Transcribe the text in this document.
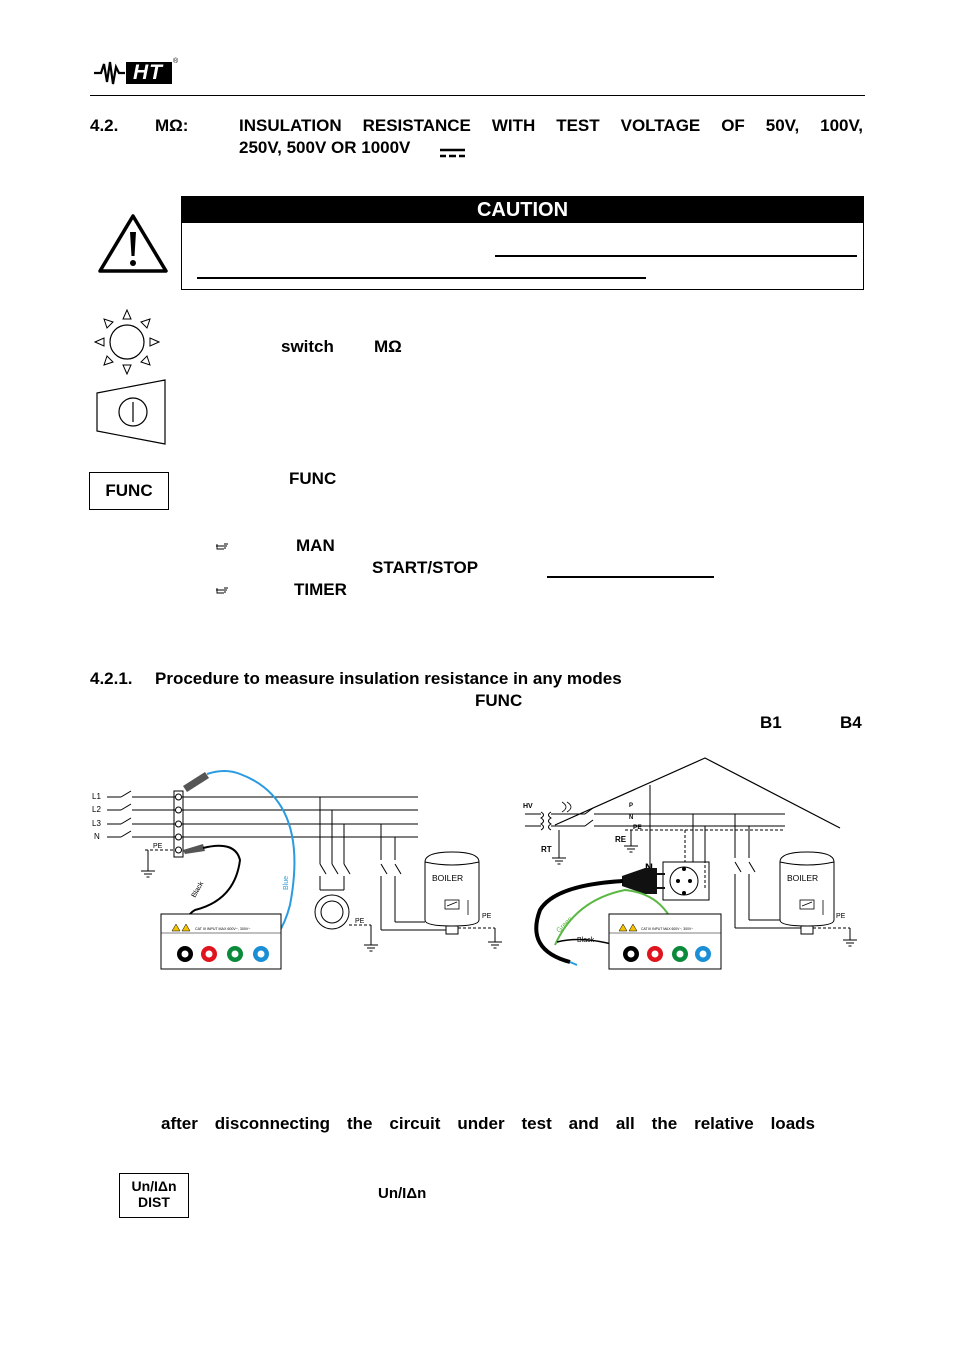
HT ®
4.2. MΩ:	INSULATION RESISTANCE WITH TEST VOLTAGE OF 50V, 100V,
250V, 500V OR 1000V
CAUTION
switch MΩ
FUNC
FUNC
MAN
START/STOP
TIMER
4.2.1. Procedure to measure insulation resistance in any modes
FUNC
B1	B4
L1
L2
L3
N
PE
Black	Blue
CAT III INPUT MAX 600V~, 300V~
PE
BOILER
PE
HV	P
N
PE
RE
RT
Green
Black
CAT III INPUT MAX 600V~, 300V~
BOILER
PE
after disconnecting the circuit under test and all the relative loads
Un/IΔn
DIST	Un/IΔn
